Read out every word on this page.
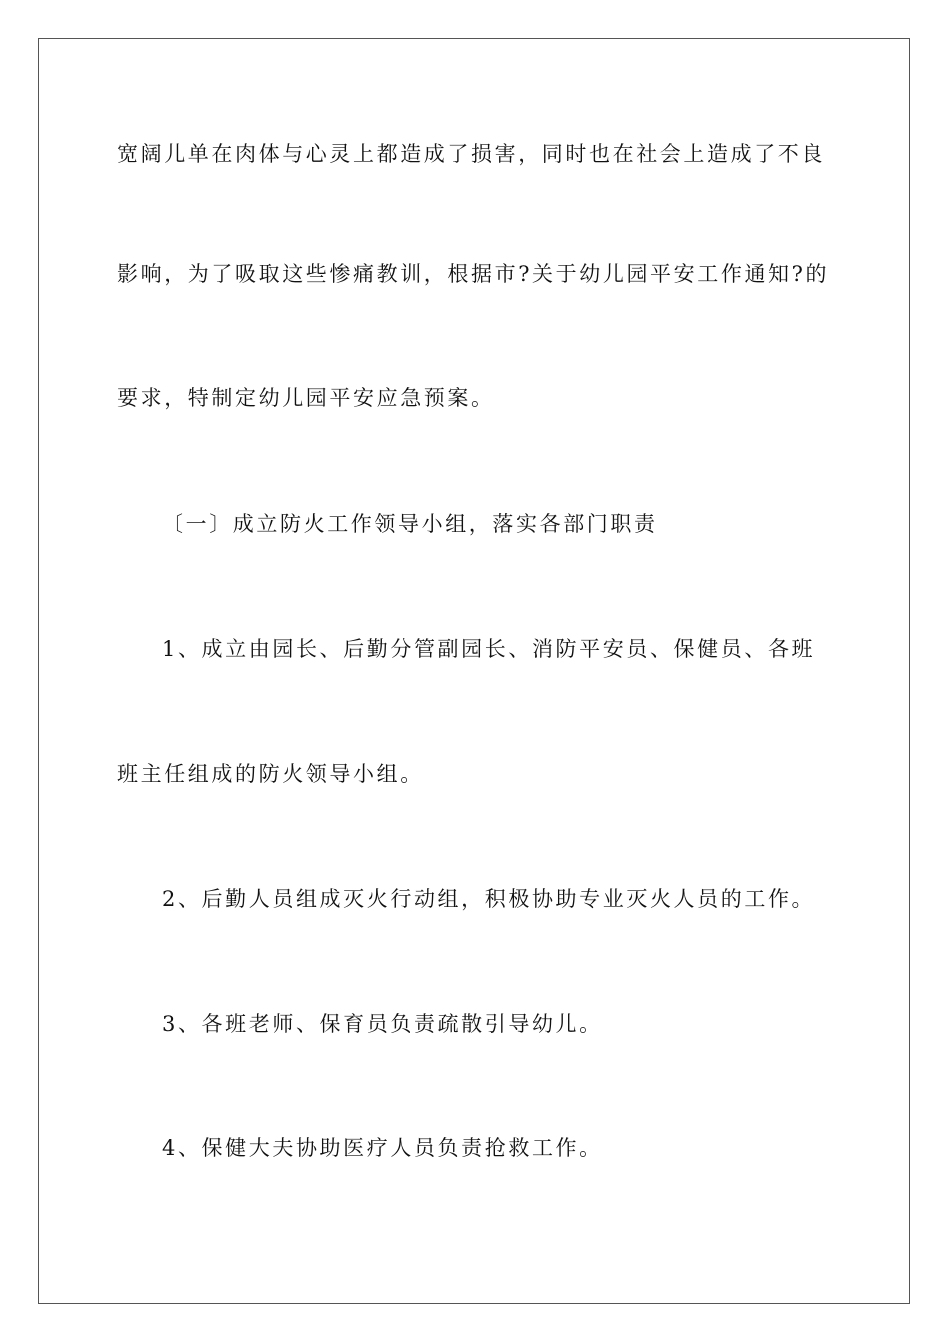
宽阔儿单在肉体与心灵上都造成了损害，同时也在社会上造成了不良
影响，为了吸取这些惨痛教训，根据市?关于幼儿园平安工作通知?的
要求，特制定幼儿园平安应急预案。
〔一〕成立防火工作领导小组，落实各部门职责
1、成立由园长、后勤分管副园长、消防平安员、保健员、各班
班主任组成的防火领导小组。
2、后勤人员组成灭火行动组，积极协助专业灭火人员的工作。
3、各班老师、保育员负责疏散引导幼儿。
4、保健大夫协助医疗人员负责抢救工作。
